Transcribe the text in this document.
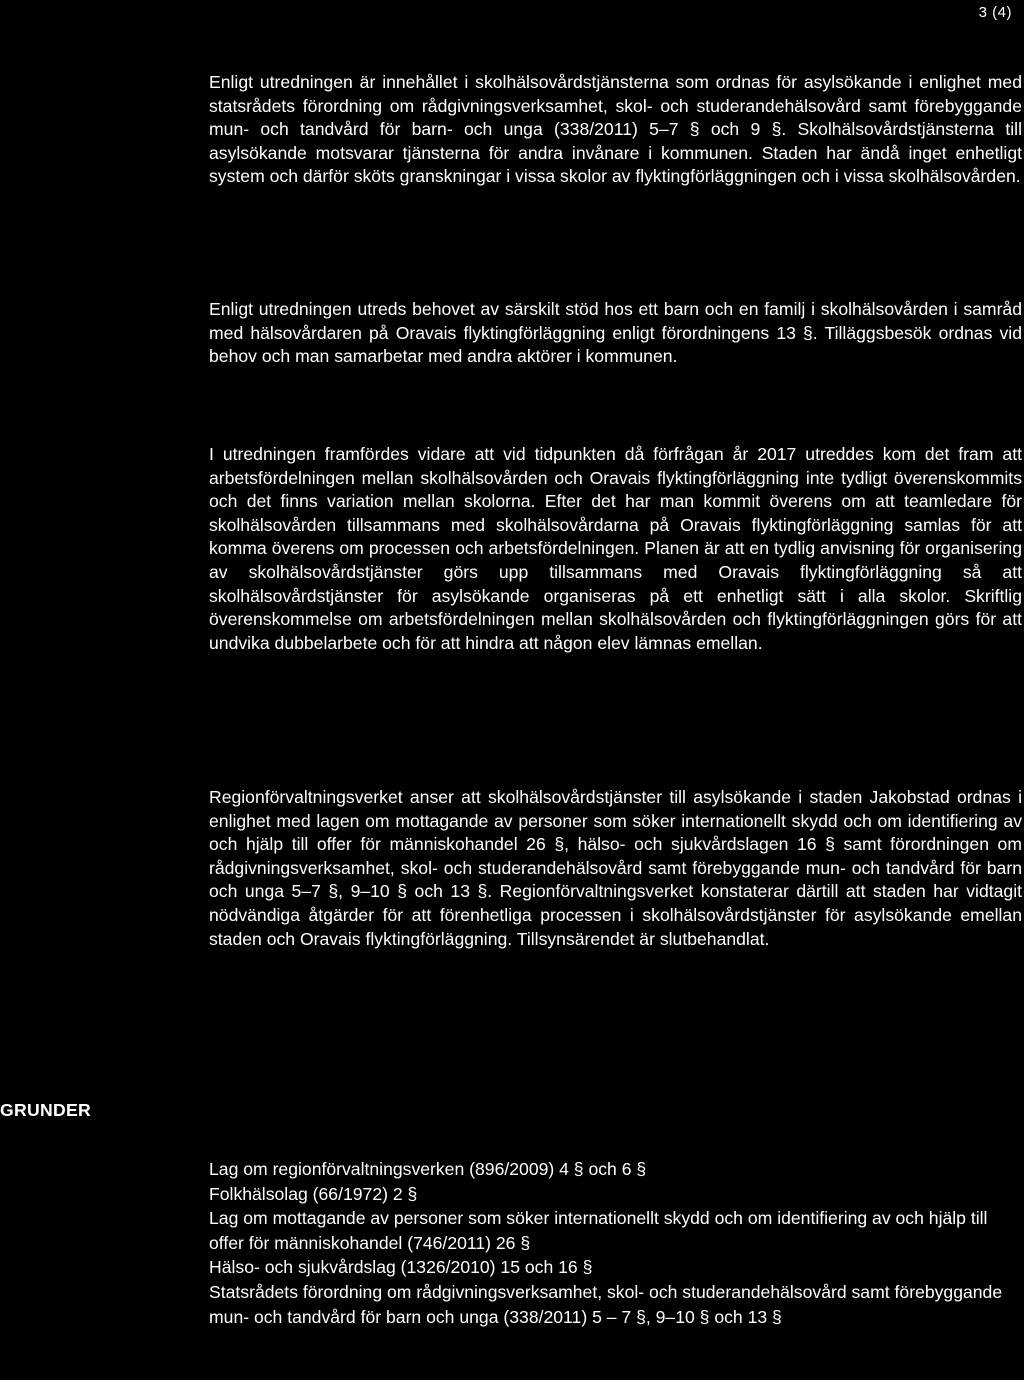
3 (4)

Enligt utredningen är innehållet i skolhälsovårdstjänsterna som ordnas för asylsökande i enlighet med statsrådets förordning om rådgivningsverksamhet, skol- och studerandehälsovård samt förebyggande mun- och tandvård för barn- och unga (338/2011) 5–7 § och 9 §. Skolhälsovårdstjänsterna till asylsökande motsvarar tjänsterna för andra invånare i kommunen. Staden har ändå inget enhetligt system och därför sköts granskningar i vissa skolor av flyktingförläggningen och i vissa skolhälsovården.

Enligt utredningen utreds behovet av särskilt stöd hos ett barn och en familj i skolhälsovården i samråd med hälsovårdaren på Oravais flyktingförläggning enligt förordningens 13 §. Tilläggsbesök ordnas vid behov och man samarbetar med andra aktörer i kommunen.

I utredningen framfördes vidare att vid tidpunkten då förfrågan år 2017 utreddes kom det fram att arbetsfördelningen mellan skolhälsovården och Oravais flyktingförläggning inte tydligt överenskommits och det finns variation mellan skolorna. Efter det har man kommit överens om att teamledare för skolhälsovården tillsammans med skolhälsovårdarna på Oravais flyktingförläggning samlas för att komma överens om processen och arbetsfördelningen. Planen är att en tydlig anvisning för organisering av skolhälsovårdstjänster görs upp tillsammans med Oravais flyktingförläggning så att skolhälsovårdstjänster för asylsökande organiseras på ett enhetligt sätt i alla skolor. Skriftlig överenskommelse om arbetsfördelningen mellan skolhälsovården och flyktingförläggningen görs för att undvika dubbelarbete och för att hindra att någon elev lämnas emellan.

Regionförvaltningsverket anser att skolhälsovårdstjänster till asylsökande i staden Jakobstad ordnas i enlighet med lagen om mottagande av personer som söker internationellt skydd och om identifiering av och hjälp till offer för människohandel 26 §, hälso- och sjukvårdslagen 16 § samt förordningen om rådgivningsverksamhet, skol- och studerandehälsovård samt förebyggande mun- och tandvård för barn och unga 5–7 §, 9–10 § och 13 §. Regionförvaltningsverket konstaterar därtill att staden har vidtagit nödvändiga åtgärder för att förenhetliga processen i skolhälsovårdstjänster för asylsökande emellan staden och Oravais flyktingförläggning. Tillsynsärendet är slutbehandlat.

GRUNDER
Lag om regionförvaltningsverken (896/2009) 4 § och 6 §
Folkhälsolag (66/1972) 2 §
Lag om mottagande av personer som söker internationellt skydd och om identifiering av och hjälp till offer för människohandel (746/2011) 26 §
Hälso- och sjukvårdslag (1326/2010) 15 och 16 §
Statsrådets förordning om rådgivningsverksamhet, skol- och studerandehälsovård samt förebyggande mun- och tandvård för barn och unga (338/2011) 5 – 7 §, 9–10 § och 13 §
